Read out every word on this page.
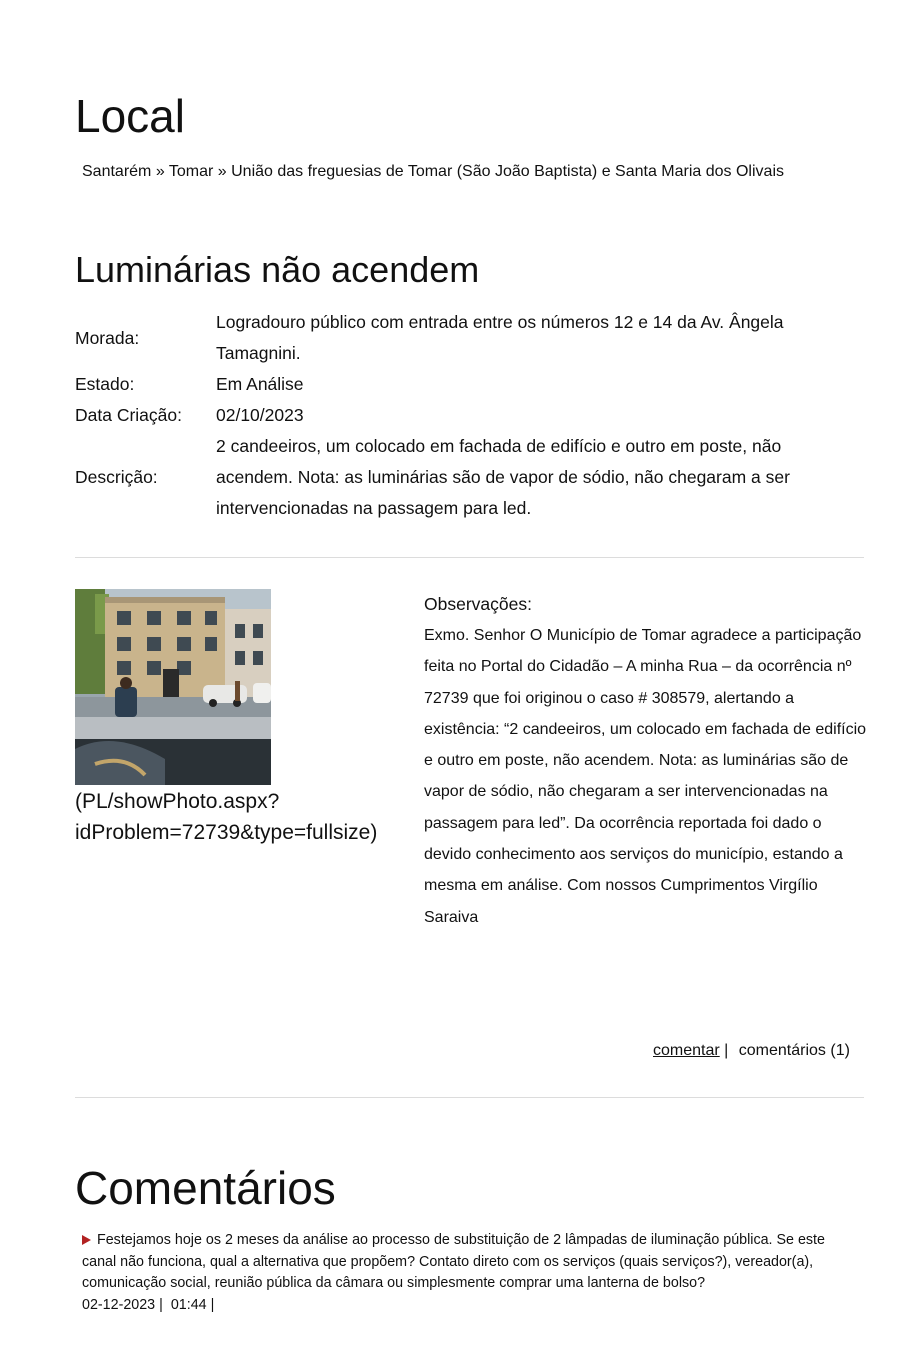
Local
Santarém » Tomar » União das freguesias de Tomar (São João Baptista) e Santa Maria dos Olivais
Luminárias não acendem
Morada:	Logradouro público com entrada entre os números 12 e 14 da Av. Ângela Tamagnini.
Estado:	Em Análise
Data Criação:	02/10/2023
Descrição:	2 candeeiros, um colocado em fachada de edifício e outro em poste, não acendem. Nota: as luminárias são de vapor de sódio, não chegaram a ser intervencionadas na passagem para led.
(PL/showPhoto.aspx?idProblem=72739&type=fullsize)
Observações:
Exmo. Senhor O Município de Tomar agradece a participação feita no Portal do Cidadão – A minha Rua – da ocorrência nº 72739 que foi originou o caso # 308579, alertando a existência: “2 candeeiros, um colocado em fachada de edifício e outro em poste, não acendem. Nota: as luminárias são de vapor de sódio, não chegaram a ser intervencionadas na passagem para led”. Da ocorrência reportada foi dado o devido conhecimento aos serviços do município, estando a mesma em análise. Com nossos Cumprimentos Virgílio Saraiva
comentar | comentários (1)
Comentários
Festejamos hoje os 2 meses da análise ao processo de substituição de 2 lâmpadas de iluminação pública. Se este canal não funciona, qual a alternativa que propõem? Contato direto com os serviços (quais serviços?), vereador(a), comunicação social, reunião pública da câmara ou simplesmente comprar uma lanterna de bolso?
02-12-2023 | 01:44 |
